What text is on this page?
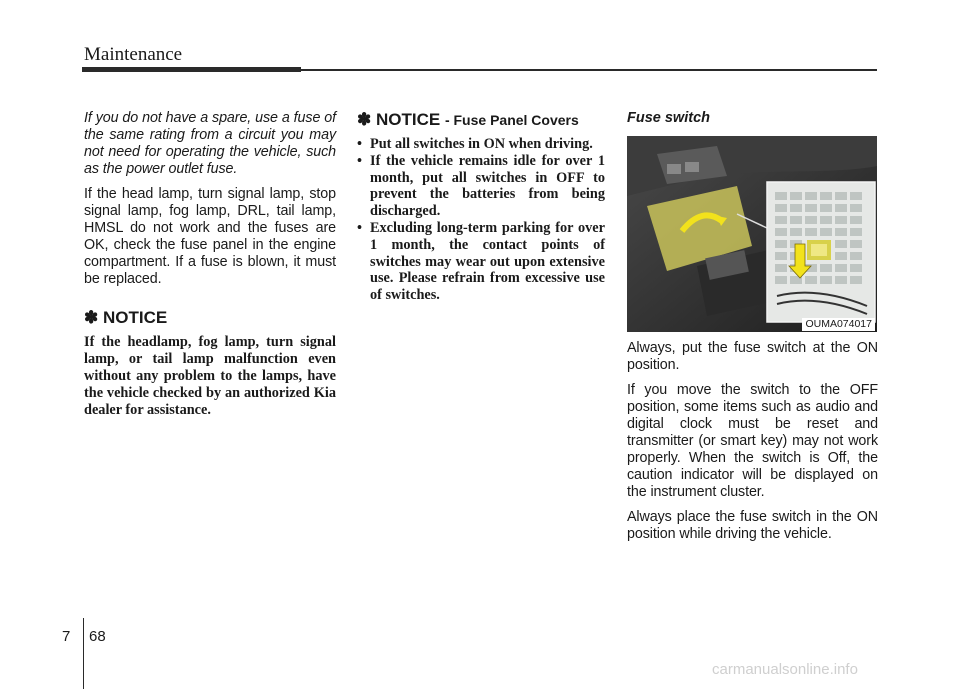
Maintenance

If you do not have a spare, use a fuse of the same rating from a circuit you may not need for operating the vehicle, such as the power outlet fuse.

If the head lamp, turn signal lamp, stop signal lamp, fog lamp, DRL, tail lamp, HMSL do not work and the fuses are OK, check the fuse panel in the engine compartment. If a fuse is blown, it must be replaced.

✽ NOTICE

If the headlamp, fog lamp, turn signal lamp, or tail lamp malfunction even without any problem to the lamps, have the vehicle checked by an authorized Kia dealer for assistance.

✽ NOTICE - Fuse Panel Covers
• Put all switches in ON when driving.
• If the vehicle remains idle for over 1 month, put all switches in OFF to prevent the batteries from being discharged.
• Excluding long-term parking for over 1 month, the contact points of switches may wear out upon extensive use. Please refrain from excessive use of switches.
Fuse switch
OUMA074017

Always, put the fuse switch at the ON position.

If you move the switch to the OFF position, some items such as audio and digital clock must be reset and transmitter (or smart key) may not work properly. When the switch is Off, the caution indicator will be displayed on the instrument cluster.

Always place the fuse switch in the ON position while driving the vehicle.

7 68
carmanualsonline.info
